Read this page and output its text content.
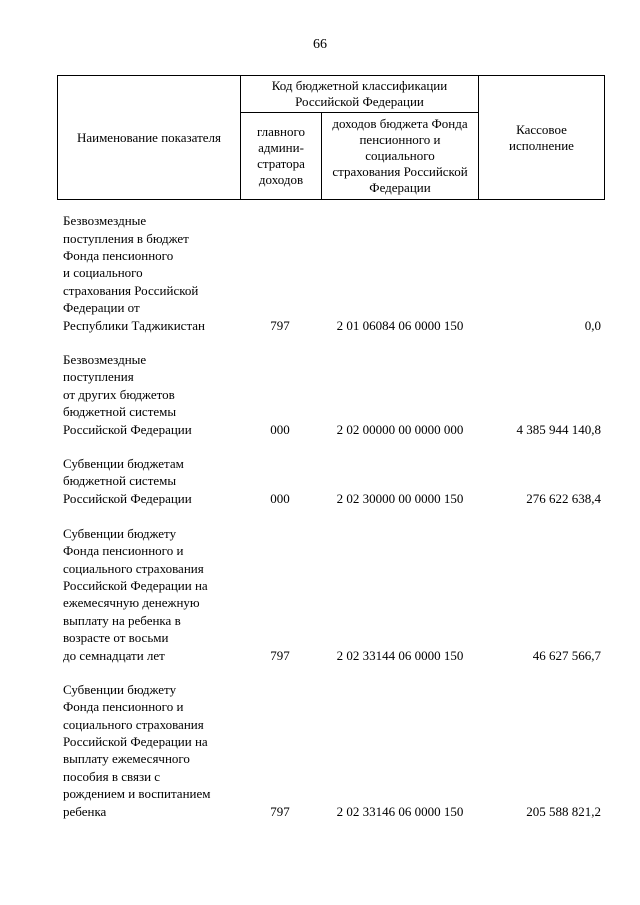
66
Наименование показателя
Код бюджетной классификации Российской Федерации
главного админи-стратора доходов
доходов бюджета Фонда пенсионного и социального страхования Российской Федерации
Кассовое исполнение
Безвозмездные
поступления в бюджет
Фонда пенсионного
и социального
страхования Российской
Федерации от
Республики Таджикистан	797	2 01 06084 06 0000 150	0,0
Безвозмездные
поступления
от других бюджетов
бюджетной системы
Российской Федерации	000	2 02 00000 00 0000 000	4 385 944 140,8
Субвенции бюджетам
бюджетной системы
Российской Федерации	000	2 02 30000 00 0000 150	276 622 638,4
Субвенции бюджету
Фонда пенсионного и
социального страхования
Российской Федерации на
ежемесячную денежную
выплату на ребенка в
возрасте от восьми
до семнадцати лет	797	2 02 33144 06 0000 150	46 627 566,7
Субвенции бюджету
Фонда пенсионного и
социального страхования
Российской Федерации на
выплату ежемесячного
пособия в связи с
рождением и воспитанием
ребенка	797	2 02 33146 06 0000 150	205 588 821,2
